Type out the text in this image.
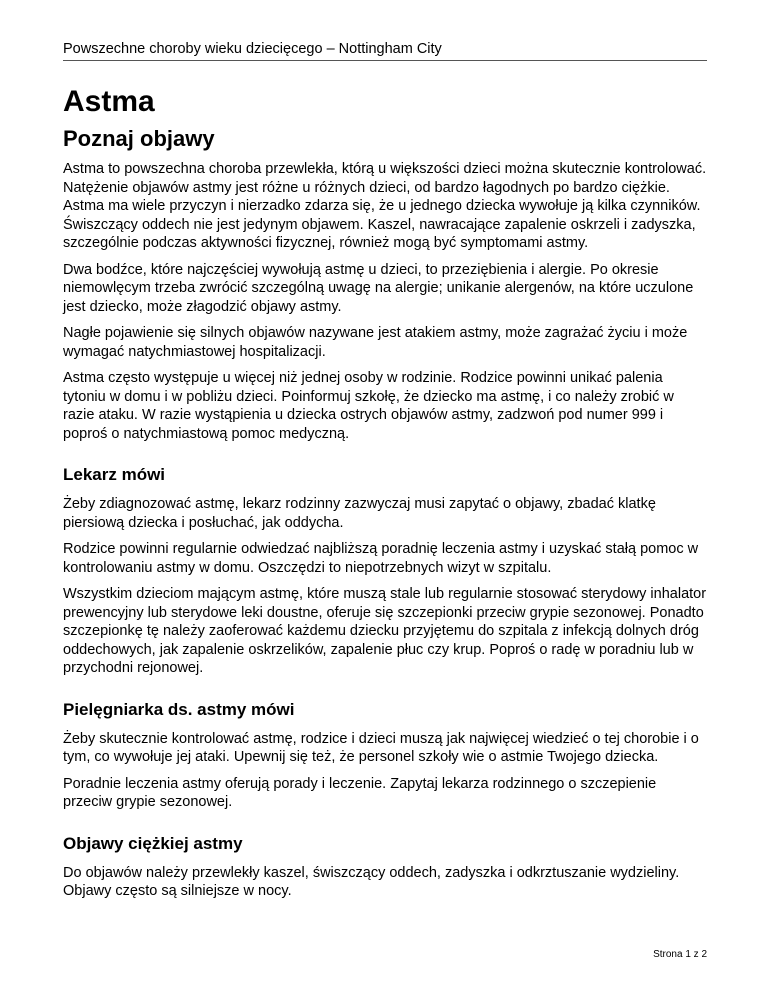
Powszechne choroby wieku dziecięcego – Nottingham City
Astma
Poznaj objawy

Astma to powszechna choroba przewlekła, którą u większości dzieci można skutecznie kontrolować. Natężenie objawów astmy jest różne u różnych dzieci, od bardzo łagodnych po bardzo ciężkie. Astma ma wiele przyczyn i nierzadko zdarza się, że u jednego dziecka wywołuje ją kilka czynników. Świszczący oddech nie jest jedynym objawem. Kaszel, nawracające zapalenie oskrzeli i zadyszka, szczególnie podczas aktywności fizycznej, również mogą być symptomami astmy.

Dwa bodźce, które najczęściej wywołują astmę u dzieci, to przeziębienia i alergie. Po okresie niemowlęcym trzeba zwrócić szczególną uwagę na alergie; unikanie alergenów, na które uczulone jest dziecko, może złagodzić objawy astmy.

Nagłe pojawienie się silnych objawów nazywane jest atakiem astmy, może zagrażać życiu i może wymagać natychmiastowej hospitalizacji.

Astma często występuje u więcej niż jednej osoby w rodzinie. Rodzice powinni unikać palenia tytoniu w domu i w pobliżu dzieci. Poinformuj szkołę, że dziecko ma astmę, i co należy zrobić w razie ataku. W razie wystąpienia u dziecka ostrych objawów astmy, zadzwoń pod numer 999 i poproś o natychmiastową pomoc medyczną.

Lekarz mówi

Żeby zdiagnozować astmę, lekarz rodzinny zazwyczaj musi zapytać o objawy, zbadać klatkę piersiową dziecka i posłuchać, jak oddycha.

Rodzice powinni regularnie odwiedzać najbliższą poradnię leczenia astmy i uzyskać stałą pomoc w kontrolowaniu astmy w domu. Oszczędzi to niepotrzebnych wizyt w szpitalu.

Wszystkim dzieciom mającym astmę, które muszą stale lub regularnie stosować sterydowy inhalator prewencyjny lub sterydowe leki doustne, oferuje się szczepionki przeciw grypie sezonowej. Ponadto szczepionkę tę należy zaoferować każdemu dziecku przyjętemu do szpitala z infekcją dolnych dróg oddechowych, jak zapalenie oskrzelików, zapalenie płuc czy krup. Poproś o radę w poradniu lub w przychodni rejonowej.

Pielęgniarka ds. astmy mówi

Żeby skutecznie kontrolować astmę, rodzice i dzieci muszą jak najwięcej wiedzieć o tej chorobie i o tym, co wywołuje jej ataki. Upewnij się też, że personel szkoły wie o astmie Twojego dziecka.

Poradnie leczenia astmy oferują porady i leczenie. Zapytaj lekarza rodzinnego o szczepienie przeciw grypie sezonowej.

Objawy ciężkiej astmy

Do objawów należy przewlekły kaszel, świszczący oddech, zadyszka i odkrztuszanie wydzieliny. Objawy często są silniejsze w nocy.

Strona 1 z 2
